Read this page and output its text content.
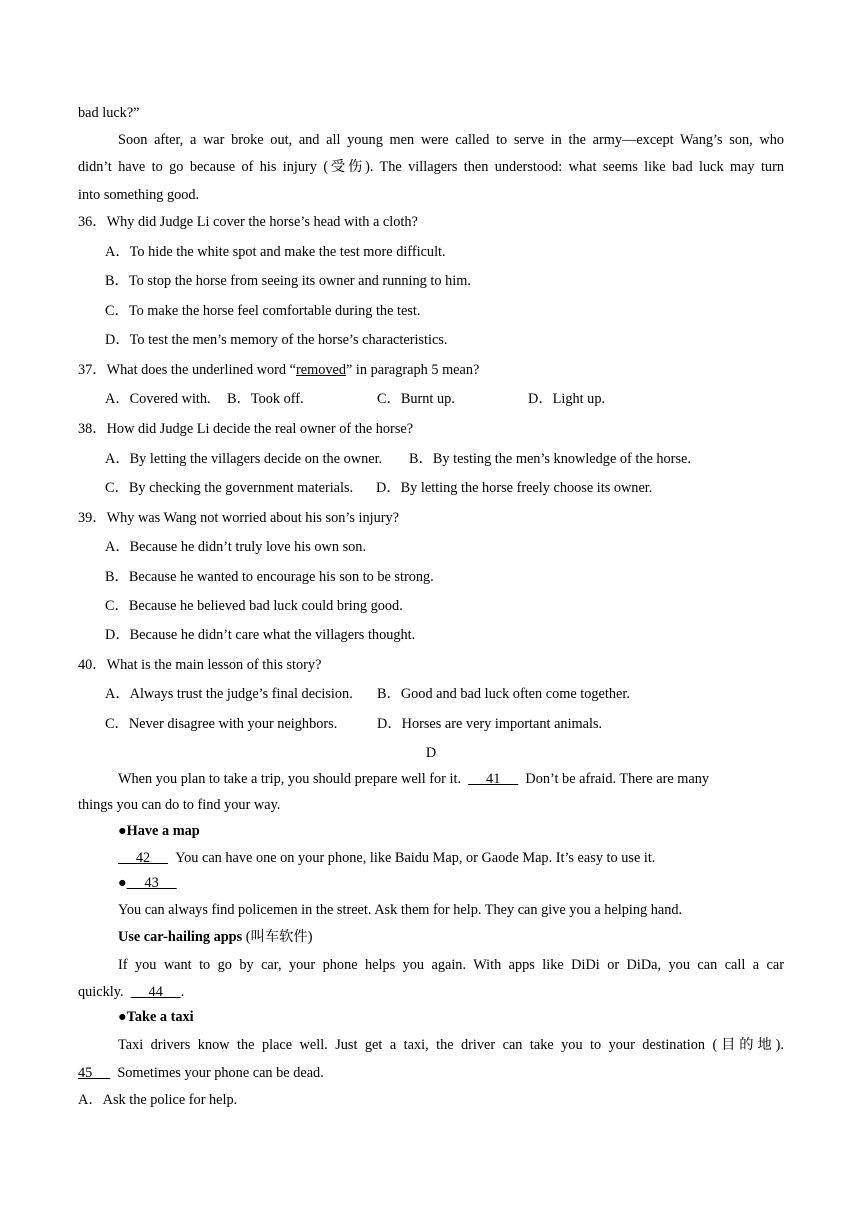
bad luck?”
Soon after, a war broke out, and all young men were called to serve in the army—except Wang’s son, who
didn’t have to go because of his injury (受伤). The villagers then understood: what seems like bad luck may turn
into something good.
36．Why did Judge Li cover the horse’s head with a cloth?
A．To hide the white spot and make the test more difficult.
B．To stop the horse from seeing its owner and running to him.
C．To make the horse feel comfortable during the test.
D．To test the men’s memory of the horse’s characteristics.
37．What does the underlined word “removed” in paragraph 5 mean?
A．Covered with. B．Took off.	C．Burnt up.	D．Light up.
38．How did Judge Li decide the real owner of the horse?
A．By letting the villagers decide on the owner. B．By testing the men’s knowledge of the horse.
C．By checking the government materials. D．By letting the horse freely choose its owner.
39．Why was Wang not worried about his son’s injury?
A．Because he didn’t truly love his own son.
B．Because he wanted to encourage his son to be strong.
C．Because he believed bad luck could bring good.
D．Because he didn’t care what the villagers thought.
40．What is the main lesson of this story?
A．Always trust the judge’s final decision. B．Good and bad luck often come together.
C．Never disagree with your neighbors.	D．Horses are very important animals.
D
When you plan to take a trip, you should prepare well for it.       41       Don’t be afraid. There are many
things you can do to find your way.
●Have a map
42       You can have one on your phone, like Baidu Map, or Gaode Map. It’s easy to use it.
●     43
You can always find policemen in the street. Ask them for help. They can give you a helping hand.
Use car-hailing apps (叫车软件)
If you want to go by car, your phone helps you again. With apps like DiDi or DiDa, you can call a car
quickly.       44     .
●Take a taxi
Taxi drivers know the place well. Just get a taxi, the driver can take you to your destination (目的地).
45       Sometimes your phone can be dead.
A．Ask the police for help.
